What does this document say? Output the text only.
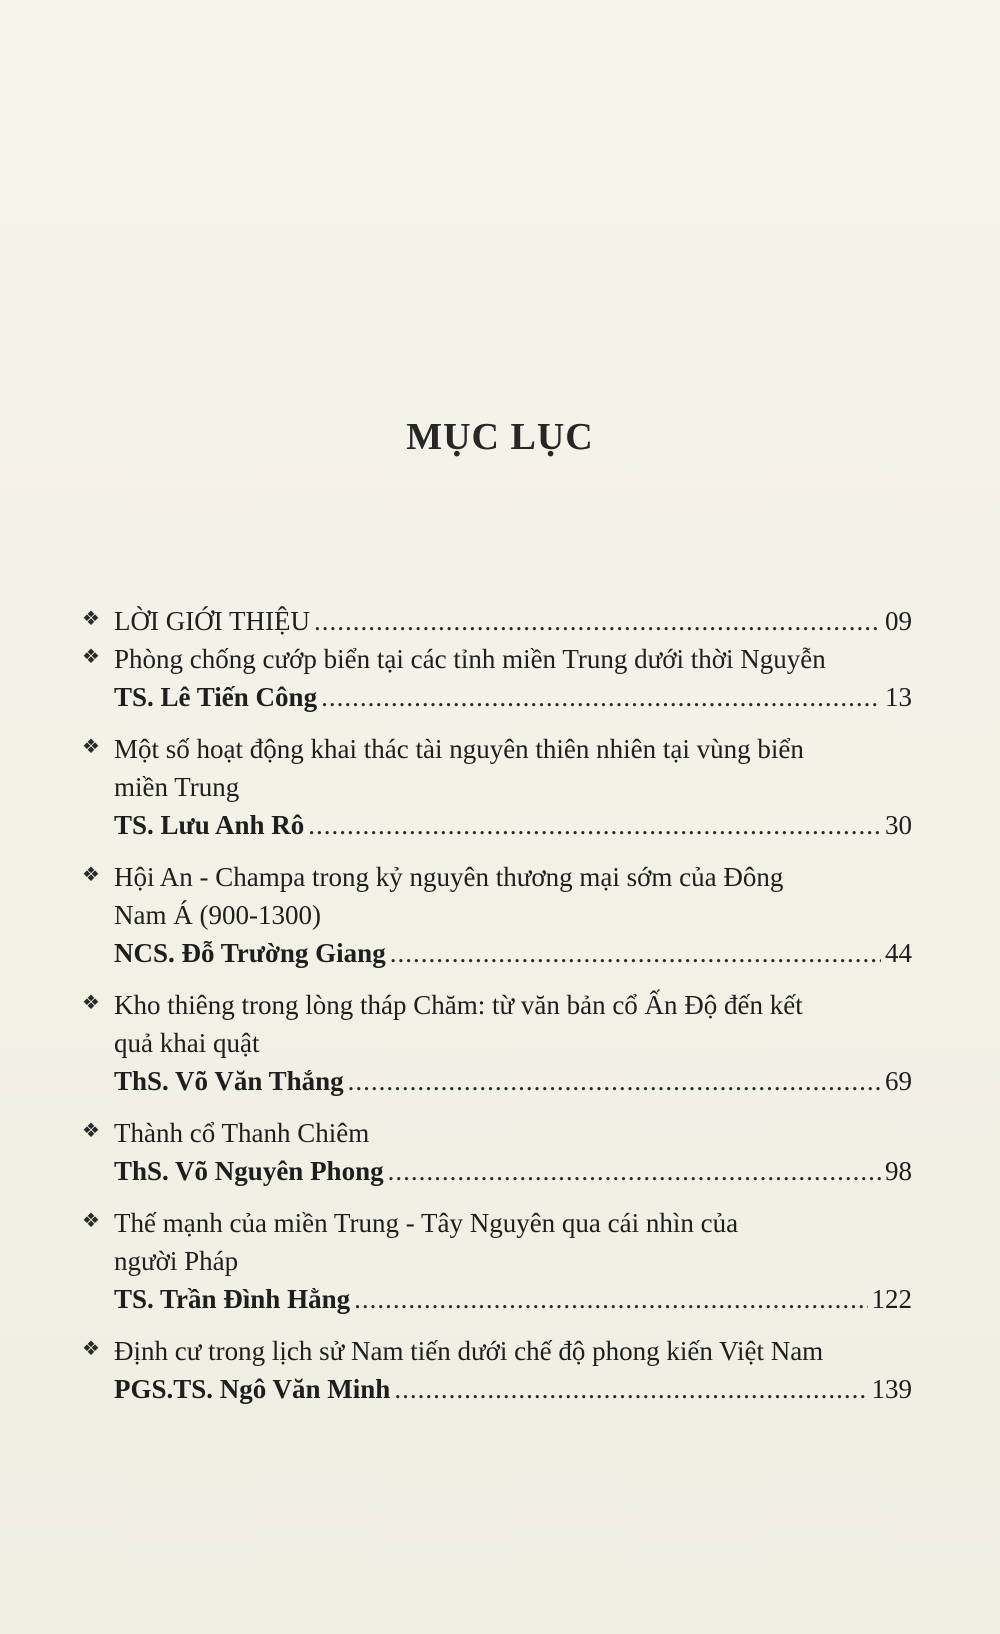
MỤC LỤC
❖ LỜI GIỚI THIỆU .....	09
❖ Phòng chống cướp biển tại các tỉnh miền Trung dưới thời Nguyễn
TS. Lê Tiến Công .....	13
❖ Một số hoạt động khai thác tài nguyên thiên nhiên tại vùng biển
miền Trung
TS. Lưu Anh Rô .....	30
❖ Hội An - Champa trong kỷ nguyên thương mại sớm của Đông
Nam Á (900-1300)
NCS. Đỗ Trường Giang .....	44
❖ Kho thiêng trong lòng tháp Chăm: từ văn bản cổ Ấn Độ đến kết
quả khai quật
ThS. Võ Văn Thắng .....	69
❖ Thành cổ Thanh Chiêm
ThS. Võ Nguyên Phong .....	98
❖ Thế mạnh của miền Trung - Tây Nguyên qua cái nhìn của
người Pháp
TS. Trần Đình Hằng .....	122
❖ Định cư trong lịch sử Nam tiến dưới chế độ phong kiến Việt Nam
PGS.TS. Ngô Văn Minh .....	139
